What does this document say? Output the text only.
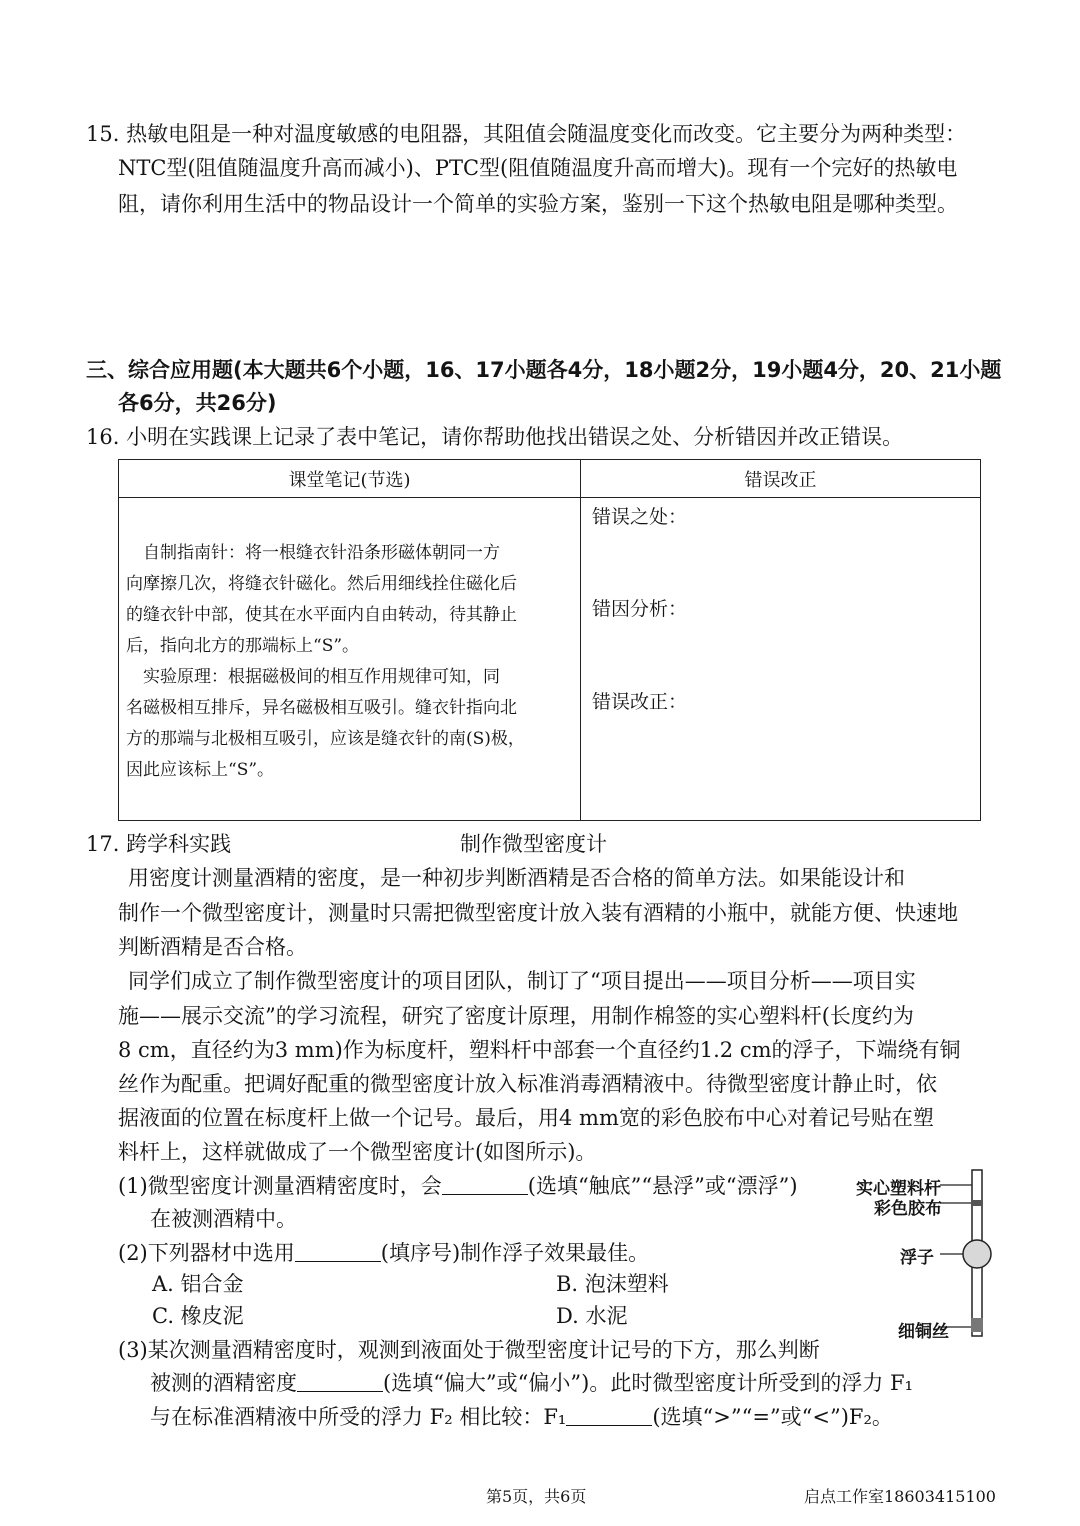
15. 热敏电阻是一种对温度敏感的电阻器，其阻值会随温度变化而改变。它主要分为两种类型：
NTC型(阻值随温度升高而减小)、PTC型(阻值随温度升高而增大)。现有一个完好的热敏电
阻，请你利用生活中的物品设计一个简单的实验方案，鉴别一下这个热敏电阻是哪种类型。
三、综合应用题(本大题共6个小题，16、17小题各4分，18小题2分，19小题4分，20、21小题
各6分，共26分)
16. 小明在实践课上记录了表中笔记，请你帮助他找出错误之处、分析错因并改正错误。
课堂笔记(节选)	错误改正

　自制指南针：将一根缝衣针沿条形磁体朝同一方
向摩擦几次，将缝衣针磁化。然后用细线拴住磁化后
的缝衣针中部，使其在水平面内自由转动，待其静止
后，指向北方的那端标上“S”。
　实验原理：根据磁极间的相互作用规律可知，同
名磁极相互排斥，异名磁极相互吸引。缝衣针指向北
方的那端与北极相互吸引，应该是缝衣针的南(S)极，
因此应该标上“S”。
错误之处：
错因分析：
错误改正：
17. 跨学科实践	制作微型密度计
　　用密度计测量酒精的密度，是一种初步判断酒精是否合格的简单方法。如果能设计和
制作一个微型密度计，测量时只需把微型密度计放入装有酒精的小瓶中，就能方便、快速地
判断酒精是否合格。
　　同学们成立了制作微型密度计的项目团队，制订了“项目提出——项目分析——项目实
施——展示交流”的学习流程，研究了密度计原理，用制作棉签的实心塑料杆(长度约为
8 cm，直径约为3 mm)作为标度杆，塑料杆中部套一个直径约1.2 cm的浮子，下端绕有铜
丝作为配重。把调好配重的微型密度计放入标准消毒酒精液中。待微型密度计静止时，依
据液面的位置在标度杆上做一个记号。最后，用4 mm宽的彩色胶布中心对着记号贴在塑
料杆上，这样就做成了一个微型密度计(如图所示)。
(1)微型密度计测量酒精密度时，会	(选填“触底”“悬浮”或“漂浮”)
在被测酒精中。
(2)下列器材中选用	(填序号)制作浮子效果最佳。
A. 铝合金	B. 泡沫塑料
C. 橡皮泥	D. 水泥
(3)某次测量酒精密度时，观测到液面处于微型密度计记号的下方，那么判断
被测的酒精密度	(选填“偏大”或“偏小”)。此时微型密度计所受到的浮力 F₁
与在标准酒精液中所受的浮力 F₂ 相比较：F₁	(选填“>”“=”或“<”)F₂。
实心塑料杆
彩色胶布
浮子
细铜丝
第5页，共6页	启点工作室18603415100
